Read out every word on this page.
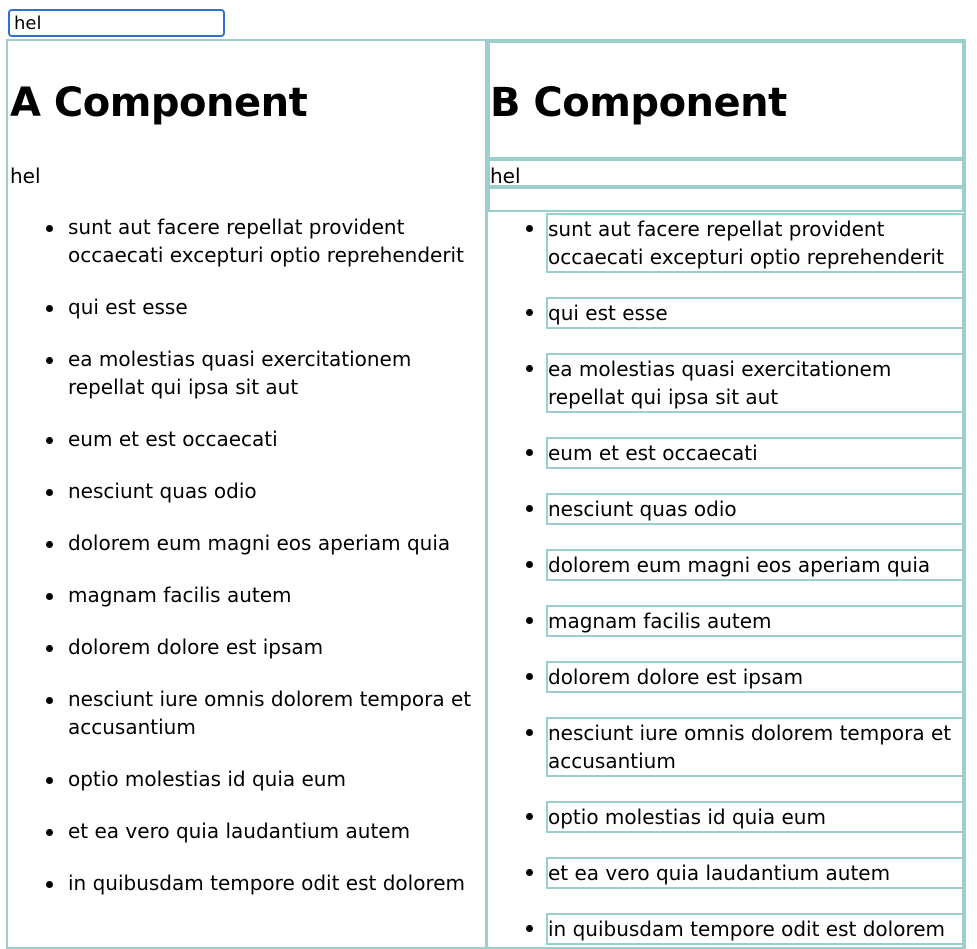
hel
A Component
hel
sunt aut facere repellat provident occaecati excepturi optio reprehenderit
qui est esse
ea molestias quasi exercitationem repellat qui ipsa sit aut
eum et est occaecati
nesciunt quas odio
dolorem eum magni eos aperiam quia
magnam facilis autem
dolorem dolore est ipsam
nesciunt iure omnis dolorem tempora et accusantium
optio molestias id quia eum
et ea vero quia laudantium autem
in quibusdam tempore odit est dolorem
B Component
hel
sunt aut facere repellat provident occaecati excepturi optio reprehenderit
qui est esse
ea molestias quasi exercitationem repellat qui ipsa sit aut
eum et est occaecati
nesciunt quas odio
dolorem eum magni eos aperiam quia
magnam facilis autem
dolorem dolore est ipsam
nesciunt iure omnis dolorem tempora et accusantium
optio molestias id quia eum
et ea vero quia laudantium autem
in quibusdam tempore odit est dolorem
